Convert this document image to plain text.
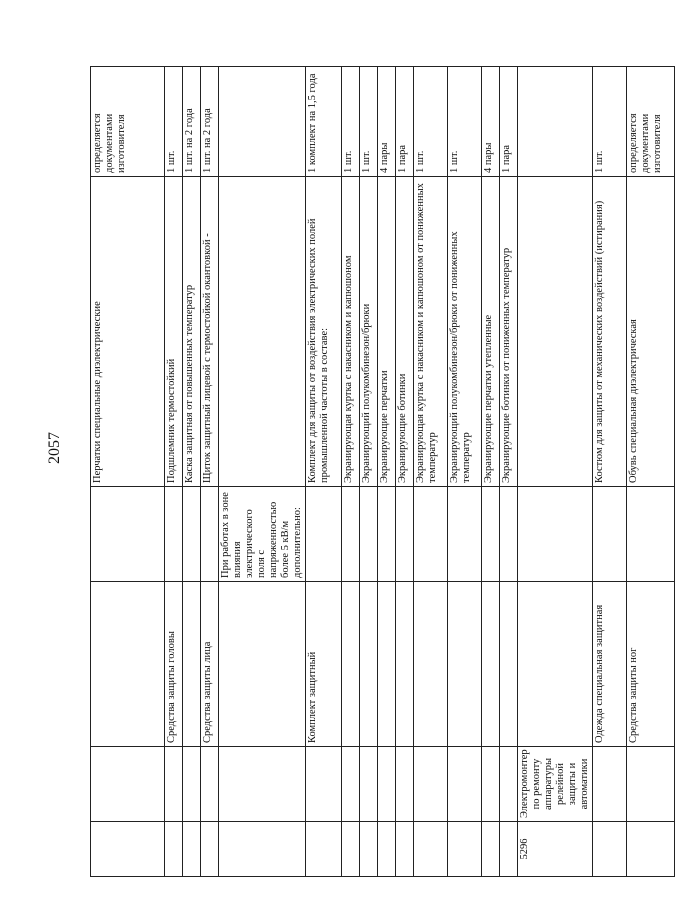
2057
					Перчатки специальные диэлектрические	определяется документами изготовителя
		Средства защиты головы		Подшлемник термостойкий	1 шт.
				Каска защитная от повышенных температур	1 шт. на 2 года
		Средства защиты лица		Щиток защитный лицевой с термостойкой окантовкой -	1 шт. на 2 года
			При работах в зоне влияния электрического поля с напряженностью более 5 кВ/м дополнительно:		
		Комплект защитный		Комплект для защиты от воздействия электрических полей промышленной частоты в составе:	1 комплект на 1,5 года
				Экранирующая куртка с накасником и капюшоном	1 шт.
				Экранирующий полукомбинезон/брюки	1 шт.
				Экранирующие перчатки	4 пары
				Экранирующие ботинки	1 пара
				Экранирующая куртка с накасником и капюшоном от пониженных температур	1 шт.
				Экранирующий полукомбинезон/брюки от пониженных температур	1 шт.
				Экранирующие перчатки утепленные	4 пары
				Экранирующие ботинки от пониженных температур	1 пара
5296	Электромонтер по ремонту аппаратуры релейной защиты и автоматики				
		Одежда специальная защитная		Костюм для защиты от механических воздействий (истирания)	1 шт.
		Средства защиты ног		Обувь специальная диэлектрическая	определяется документами изготовителя
